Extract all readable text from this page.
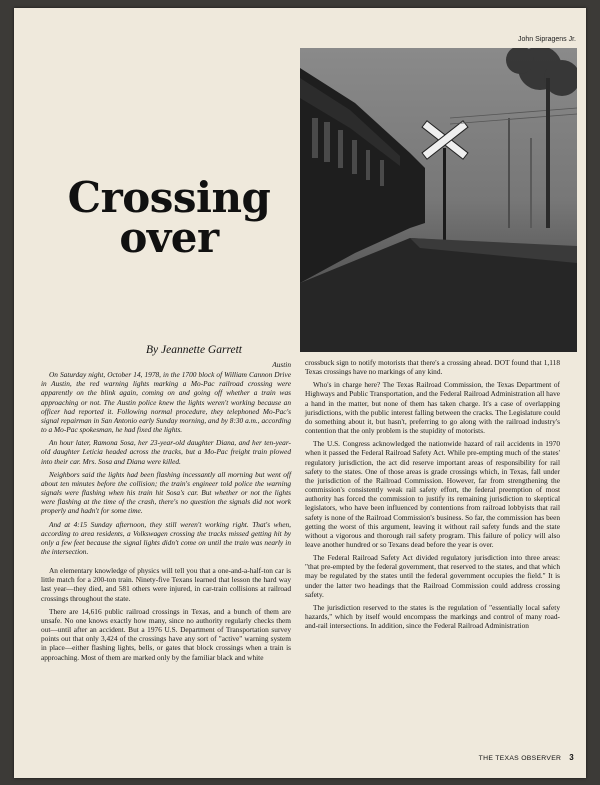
John Sipragens Jr.
Crossing
over
By Jeannette Garrett
Austin

On Saturday night, October 14, 1978, in the 1700 block of William Cannon Drive in Austin, the red warning lights marking a Mo-Pac railroad crossing were apparently on the blink again, coming on and going off whether a train was approaching or not. The Austin police knew the lights weren't working because an officer had reported it. Following normal procedure, they telephoned Mo-Pac's signal repairman in San Antonio early Sunday morning, and by 8:30 a.m., according to a Mo-Pac spokesman, he had fixed the lights.

An hour later, Ramona Sosa, her 23-year-old daughter Diana, and her ten-year-old daughter Leticia headed across the tracks, but a Mo-Pac freight train plowed into their car. Mrs. Sosa and Diana were killed.

Neighbors said the lights had been flashing incessantly all morning but went off about ten minutes before the collision; the train's engineer told police the warning signals were flashing when his train hit Sosa's car. But whether or not the lights were flashing at the time of the crash, there's no question the signals did not work properly and hadn't for some time.

And at 4:15 Sunday afternoon, they still weren't working right. That's when, according to area residents, a Volkswagen crossing the tracks missed getting hit by only a few feet because the signal lights didn't come on until the train was nearly in the intersection.

An elementary knowledge of physics will tell you that a one-and-a-half-ton car is little match for a 200-ton train. Ninety-five Texans learned that lesson the hard way last year—they died, and 581 others were injured, in car-train collisions at railroad crossings throughout the state.

There are 14,616 public railroad crossings in Texas, and a bunch of them are unsafe. No one knows exactly how many, since no authority regularly checks them out—until after an accident. But a 1976 U.S. Department of Transportation survey points out that only 3,424 of the crossings have any sort of "active" warning system in place—either flashing lights, bells, or gates that block crossings when a train is approaching. Most of them are marked only by the familiar black and white

crossbuck sign to notify motorists that there's a crossing ahead. DOT found that 1,118 Texas crossings have no markings of any kind.

Who's in charge here? The Texas Railroad Commission, the Texas Department of Highways and Public Transportation, and the Federal Railroad Administration all have a hand in the matter, but none of them has taken charge. It's a case of overlapping jurisdictions, with the public interest falling between the cracks. The Legislature could do something about it, but hasn't, preferring to go along with the railroad industry's contention that the only problem is the stupidity of motorists.

The U.S. Congress acknowledged the nationwide hazard of rail accidents in 1970 when it passed the Federal Railroad Safety Act. While pre-empting much of the states' regulatory jurisdiction, the act did reserve important areas of responsibility for rail safety to the states. One of those areas is grade crossings which, in Texas, fall under the jurisdiction of the Railroad Commission. However, far from strengthening the commission's consistently weak rail safety effort, the federal preemption of most authority has forced the commission to justify its remaining jurisdiction to skeptical legislators, who have been influenced by contentions from railroad lobbyists that rail safety is none of the Railroad Commission's business. So far, the commission has been getting the worst of this argument, leaving it without rail safety funds and the state without a vigorous and thorough rail safety program. This failure of policy will also leave another hundred or so Texans dead before the year is over.

The Federal Railroad Safety Act divided regulatory jurisdiction into three areas: "that pre-empted by the federal government, that reserved to the states, and that which may be regulated by the states until the federal government occupies the field." It is under the latter two headings that the Railroad Commission could address crossing safety.

The jurisdiction reserved to the states is the regulation of "essentially local safety hazards," which by itself would encompass the markings and control of many road-and-rail intersections. In addition, since the Federal Railroad Administration

THE TEXAS OBSERVER 3
